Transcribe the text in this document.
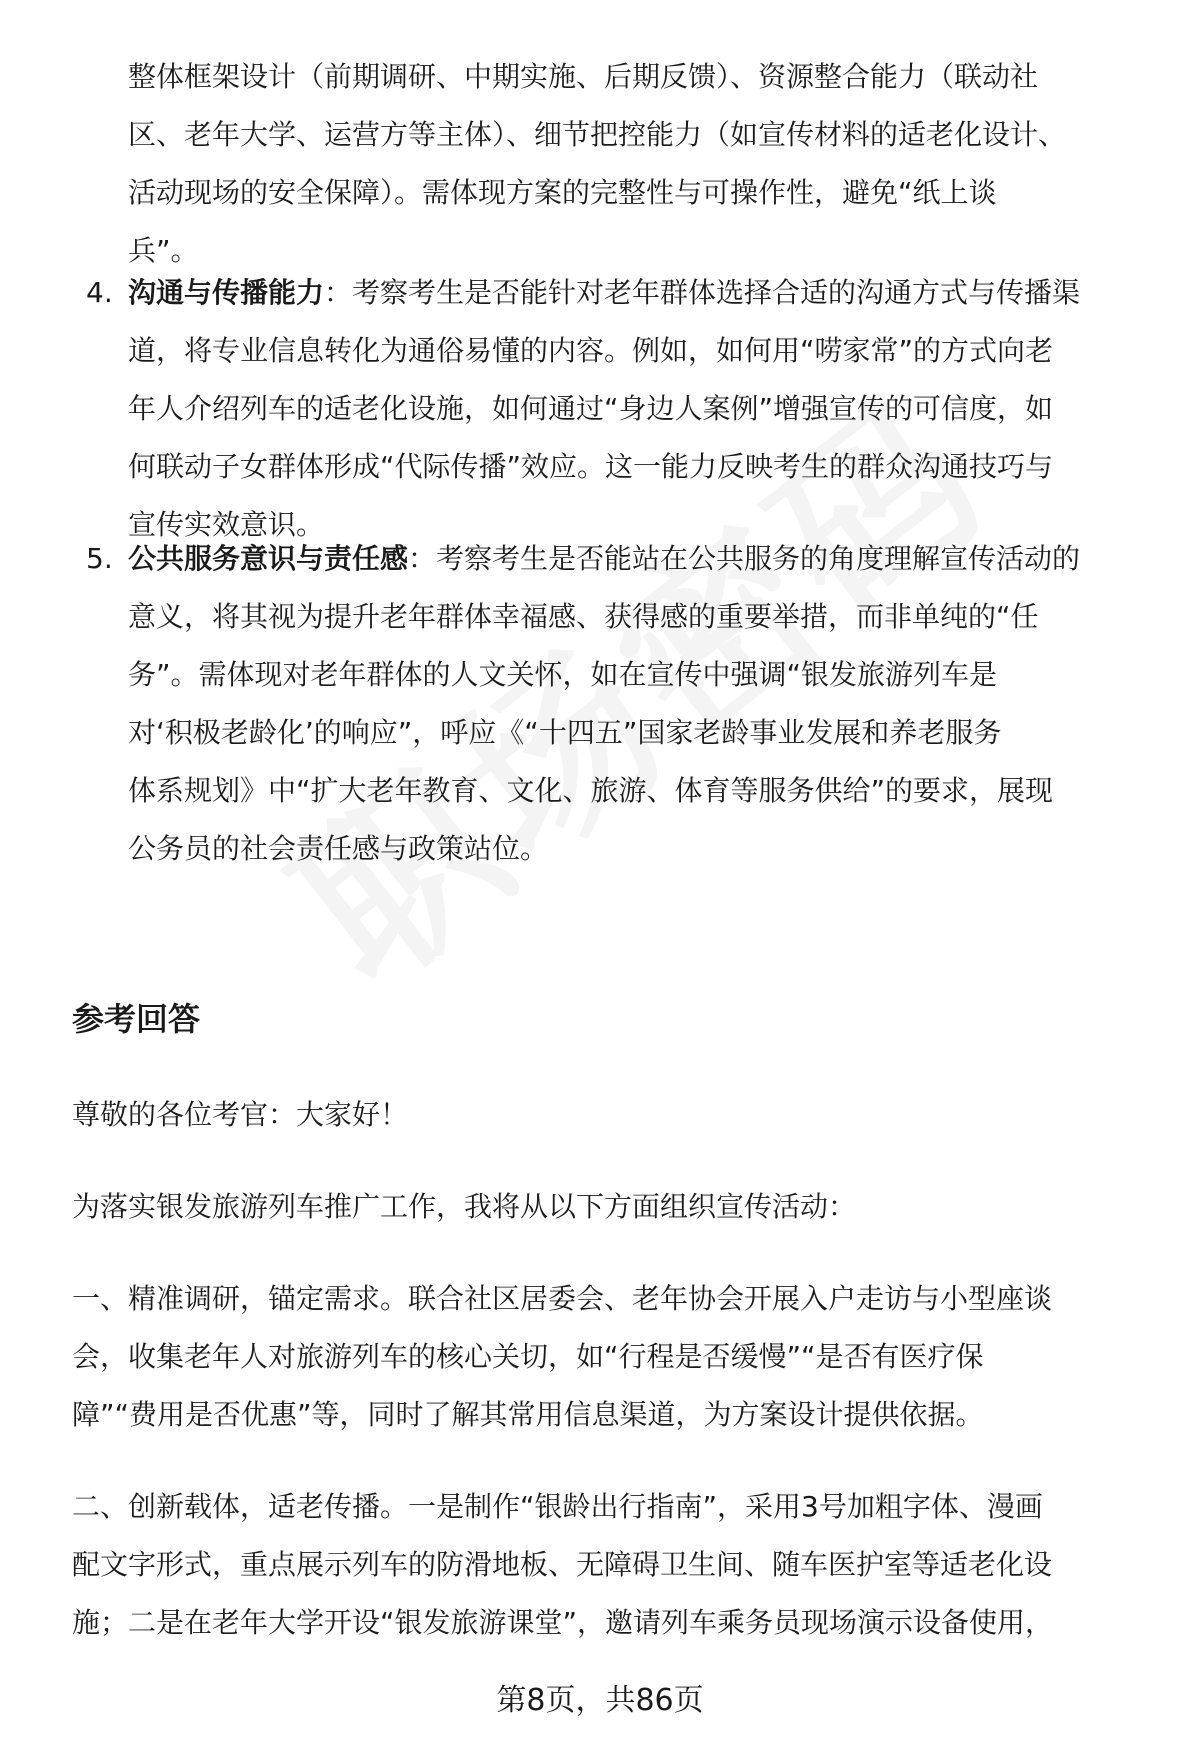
整体框架设计（前期调研、中期实施、后期反馈）、资源整合能力（联动社

区、老年大学、运营方等主体）、细节把控能力（如宣传材料的适老化设计、

活动现场的安全保障）。需体现方案的完整性与可操作性，避免“纸上谈

兵”。

4. 沟通与传播能力：考察考生是否能针对老年群体选择合适的沟通方式与传播渠

道，将专业信息转化为通俗易懂的内容。例如，如何用“唠家常”的方式向老

年人介绍列车的适老化设施，如何通过“身边人案例”增强宣传的可信度，如

何联动子女群体形成“代际传播”效应。这一能力反映考生的群众沟通技巧与

宣传实效意识。

5. 公共服务意识与责任感：考察考生是否能站在公共服务的角度理解宣传活动的

意义，将其视为提升老年群体幸福感、获得感的重要举措，而非单纯的“任

务”。需体现对老年群体的人文关怀，如在宣传中强调“银发旅游列车是

对‘积极老龄化’的响应”，呼应《“十四五”国家老龄事业发展和养老服务

体系规划》中“扩大老年教育、文化、旅游、体育等服务供给”的要求，展现

公务员的社会责任感与政策站位。

参考回答

尊敬的各位考官：大家好！

为落实银发旅游列车推广工作，我将从以下方面组织宣传活动：

一、精准调研，锚定需求。联合社区居委会、老年协会开展入户走访与小型座谈

会，收集老年人对旅游列车的核心关切，如“行程是否缓慢”“是否有医疗保

障”“费用是否优惠”等，同时了解其常用信息渠道，为方案设计提供依据。

二、创新载体，适老传播。一是制作“银龄出行指南”，采用3号加粗字体、漫画

配文字形式，重点展示列车的防滑地板、无障碍卫生间、随车医护室等适老化设

施；二是在老年大学开设“银发旅游课堂”，邀请列车乘务员现场演示设备使用，

第8页，共86页
